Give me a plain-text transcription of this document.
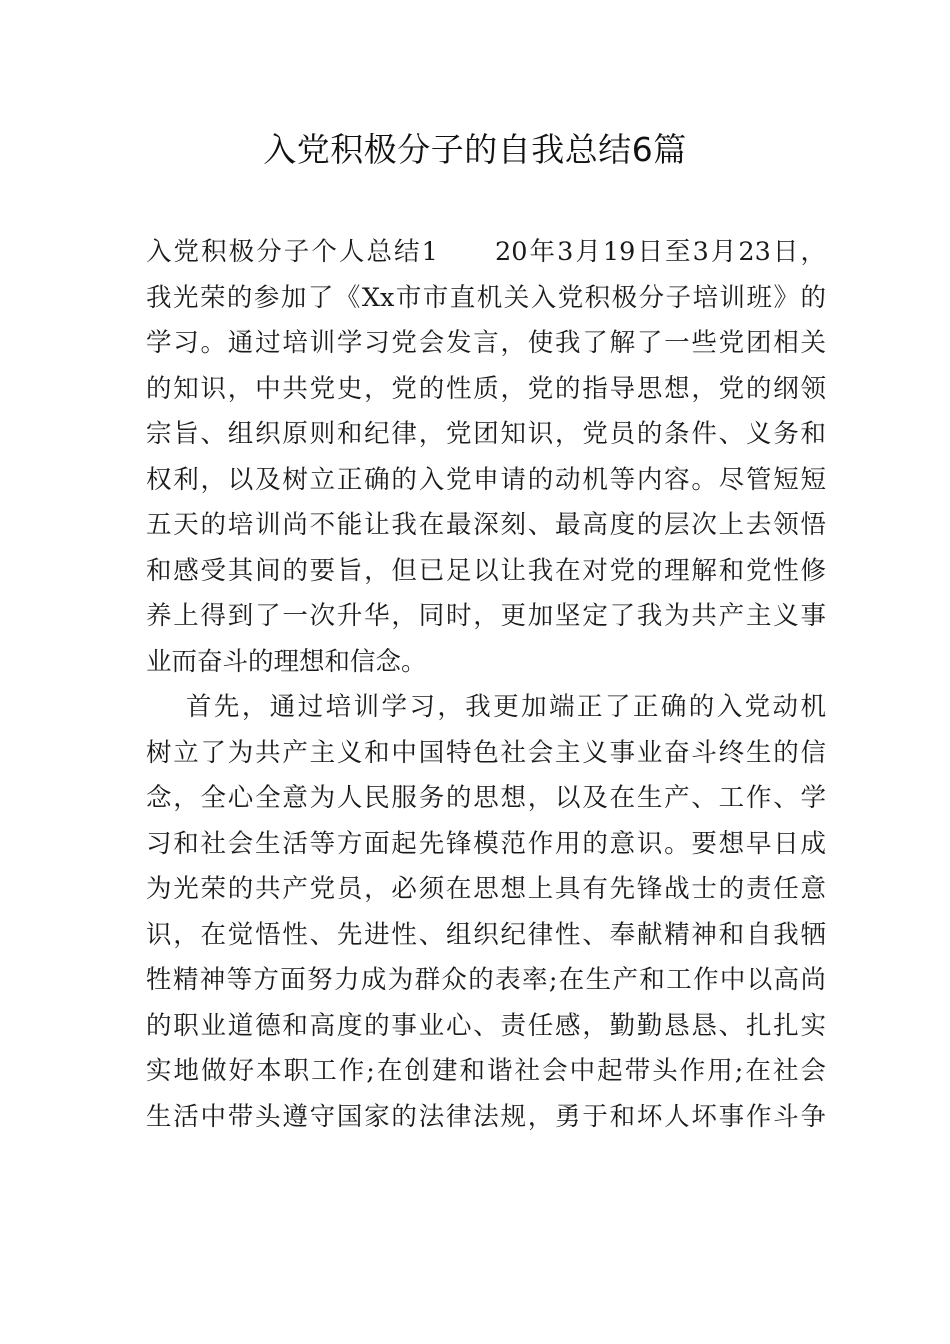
入党积极分子的自我总结6篇
入党积极分子个人总结1　　20年3月19日至3月23日，
我光荣的参加了《Xx市市直机关入党积极分子培训班》的
学习。通过培训学习党会发言，使我了解了一些党团相关
的知识，中共党史，党的性质，党的指导思想，党的纲领
宗旨、组织原则和纪律，党团知识，党员的条件、义务和
权利，以及树立正确的入党申请的动机等内容。尽管短短
五天的培训尚不能让我在最深刻、最高度的层次上去领悟
和感受其间的要旨，但已足以让我在对党的理解和党性修
养上得到了一次升华，同时，更加坚定了我为共产主义事
业而奋斗的理想和信念。
首先，通过培训学习，我更加端正了正确的入党动机
树立了为共产主义和中国特色社会主义事业奋斗终生的信
念，全心全意为人民服务的思想，以及在生产、工作、学
习和社会生活等方面起先锋模范作用的意识。要想早日成
为光荣的共产党员，必须在思想上具有先锋战士的责任意
识，在觉悟性、先进性、组织纪律性、奉献精神和自我牺
牲精神等方面努力成为群众的表率;在生产和工作中以高尚
的职业道德和高度的事业心、责任感，勤勤恳恳、扎扎实
实地做好本职工作;在创建和谐社会中起带头作用;在社会
生活中带头遵守国家的法律法规，勇于和坏人坏事作斗争
